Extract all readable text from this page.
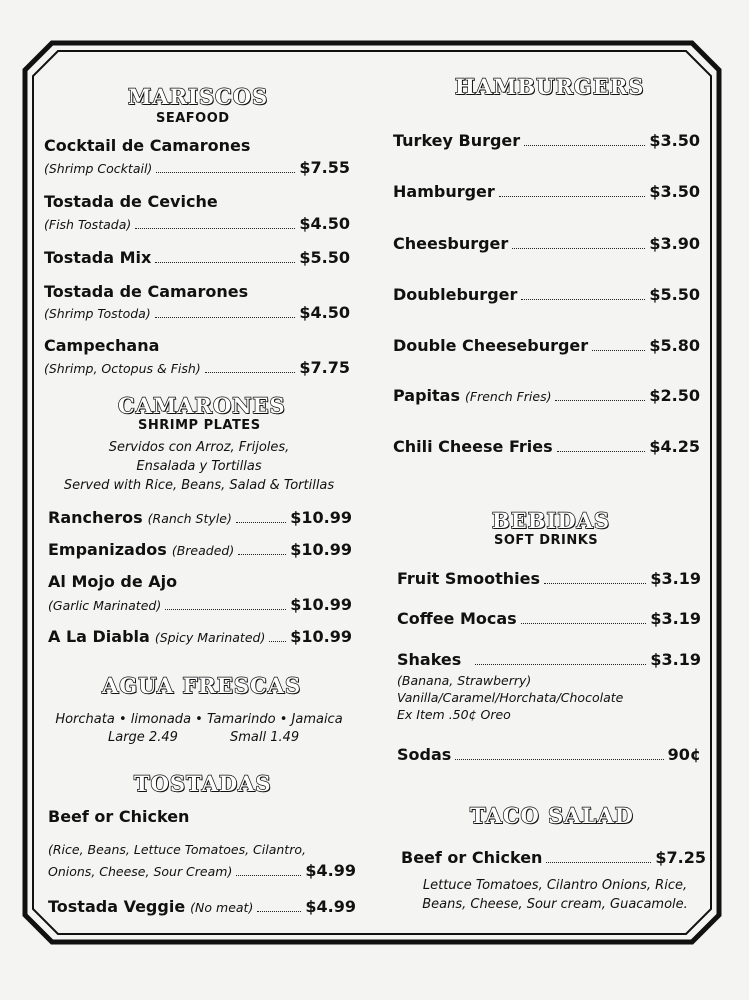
MARISCOS
SEAFOOD
Cocktail de Camarones
(Shrimp Cocktail)	$7.55
Tostada de Ceviche
(Fish Tostada)	$4.50
Tostada Mix	$5.50
Tostada de Camarones
(Shrimp Tostoda)	$4.50
Campechana
(Shrimp, Octopus & Fish)	$7.75
CAMARONES
SHRIMP PLATES
Servidos con Arroz, Frijoles,
Ensalada y Tortillas
Served with Rice, Beans, Salad & Tortillas
Rancheros (Ranch Style)	$10.99
Empanizados (Breaded)	$10.99
Al Mojo de Ajo
(Garlic Marinated)	$10.99
A La Diabla (Spicy Marinated) $10.99
AGUA FRESCAS
Horchata • limonada • Tamarindo • Jamaica
Large 2.49	Small 1.49
TOSTADAS
Beef or Chicken
(Rice, Beans, Lettuce Tomatoes, Cilantro,
Onions, Cheese, Sour Cream)	$4.99
Tostada Veggie (No meat)	$4.99
HAMBURGERS
Turkey Burger	$3.50
Hamburger	$3.50
Cheesburger	$3.90
Doubleburger	$5.50
Double Cheeseburger	$5.80
Papitas (French Fries)	$2.50
Chili Cheese Fries	$4.25
BEBIDAS
SOFT DRINKS
Fruit Smoothies	$3.19
Coffee Mocas	$3.19
Shakes	$3.19
(Banana, Strawberry)
Vanilla/Caramel/Horchata/Chocolate
Ex Item .50¢ Oreo
Sodas	90¢
TACO SALAD
Beef or Chicken	$7.25
Lettuce Tomatoes, Cilantro Onions, Rice,
Beans, Cheese, Sour cream, Guacamole.
